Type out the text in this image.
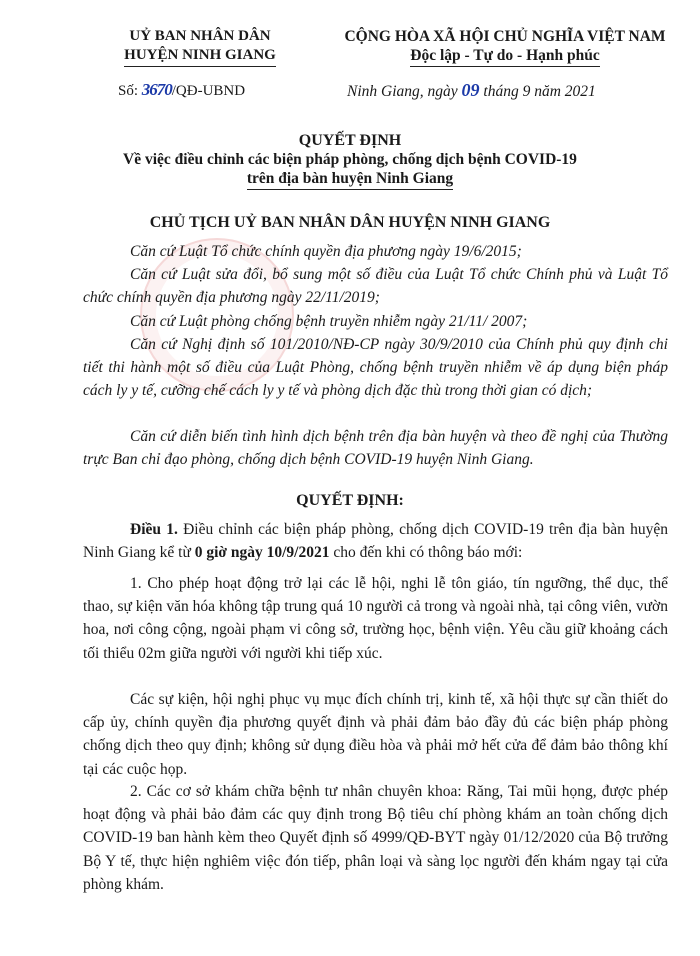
UỶ BAN NHÂN DÂN
HUYỆN NINH GIANG
CỘNG HÒA XÃ HỘI CHỦ NGHĨA VIỆT NAM
Độc lập - Tự do - Hạnh phúc
Số: 3670/QĐ-UBND	Ninh Giang, ngày 09 tháng 9 năm 2021
QUYẾT ĐỊNH
Về việc điều chỉnh các biện pháp phòng, chống dịch bệnh COVID-19
trên địa bàn huyện Ninh Giang
CHỦ TỊCH UỶ BAN NHÂN DÂN HUYỆN NINH GIANG
Căn cứ Luật Tổ chức chính quyền địa phương ngày 19/6/2015;
Căn cứ Luật sửa đổi, bổ sung một số điều của Luật Tổ chức Chính phủ và Luật Tổ chức chính quyền địa phương ngày 22/11/2019;
Căn cứ Luật phòng chống bệnh truyền nhiễm ngày 21/11/ 2007;
Căn cứ Nghị định số 101/2010/NĐ-CP ngày 30/9/2010 của Chính phủ quy định chi tiết thi hành một số điều của Luật Phòng, chống bệnh truyền nhiễm về áp dụng biện pháp cách ly y tế, cưỡng chế cách ly y tế và phòng dịch đặc thù trong thời gian có dịch;
Căn cứ diễn biến tình hình dịch bệnh trên địa bàn huyện và theo đề nghị của Thường trực Ban chỉ đạo phòng, chống dịch bệnh COVID-19 huyện Ninh Giang.
QUYẾT ĐỊNH:
Điều 1. Điều chỉnh các biện pháp phòng, chống dịch COVID-19 trên địa bàn huyện Ninh Giang kể từ 0 giờ ngày 10/9/2021 cho đến khi có thông báo mới:
1. Cho phép hoạt động trở lại các lễ hội, nghi lễ tôn giáo, tín ngưỡng, thể dục, thể thao, sự kiện văn hóa không tập trung quá 10 người cả trong và ngoài nhà, tại công viên, vườn hoa, nơi công cộng, ngoài phạm vi công sở, trường học, bệnh viện. Yêu cầu giữ khoảng cách tối thiểu 02m giữa người với người khi tiếp xúc.
Các sự kiện, hội nghị phục vụ mục đích chính trị, kinh tế, xã hội thực sự cần thiết do cấp ủy, chính quyền địa phương quyết định và phải đảm bảo đầy đủ các biện pháp phòng chống dịch theo quy định; không sử dụng điều hòa và phải mở hết cửa để đảm bảo thông khí tại các cuộc họp.
2. Các cơ sở khám chữa bệnh tư nhân chuyên khoa: Răng, Tai mũi họng, được phép hoạt động và phải bảo đảm các quy định trong Bộ tiêu chí phòng khám an toàn chống dịch COVID-19 ban hành kèm theo Quyết định số 4999/QĐ-BYT ngày 01/12/2020 của Bộ trưởng Bộ Y tế, thực hiện nghiêm việc đón tiếp, phân loại và sàng lọc người đến khám ngay tại cửa phòng khám.
